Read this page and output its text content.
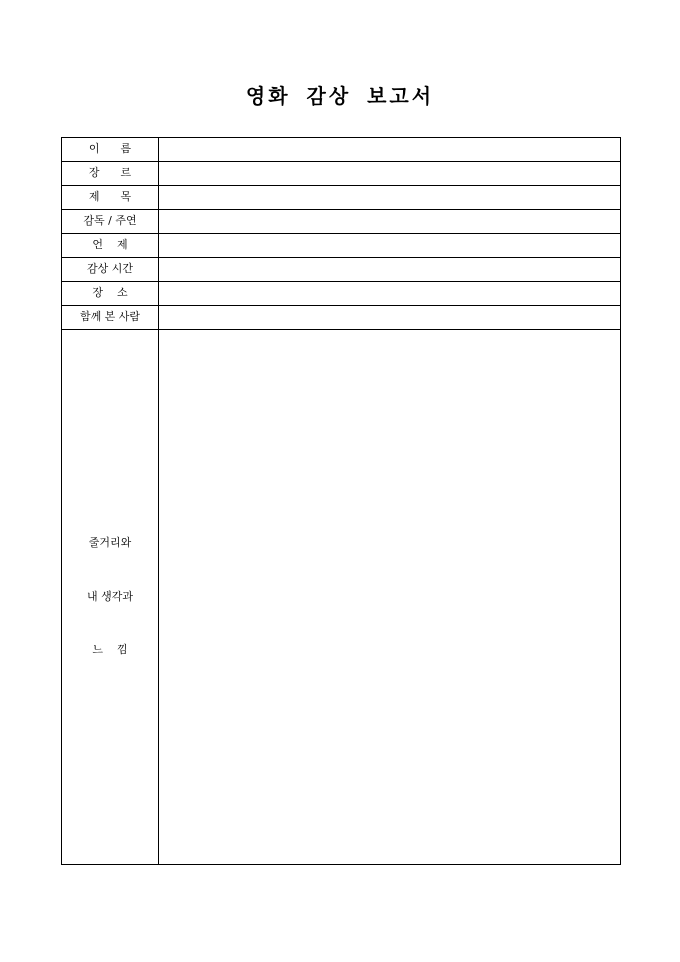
영화 감상 보고서
이      름	
장      르	
제      목	
감독 / 주연	
언    제	
감상 시간	
장    소	
함께 본 사람	

줄거리와

내 생각과

느    낌	
